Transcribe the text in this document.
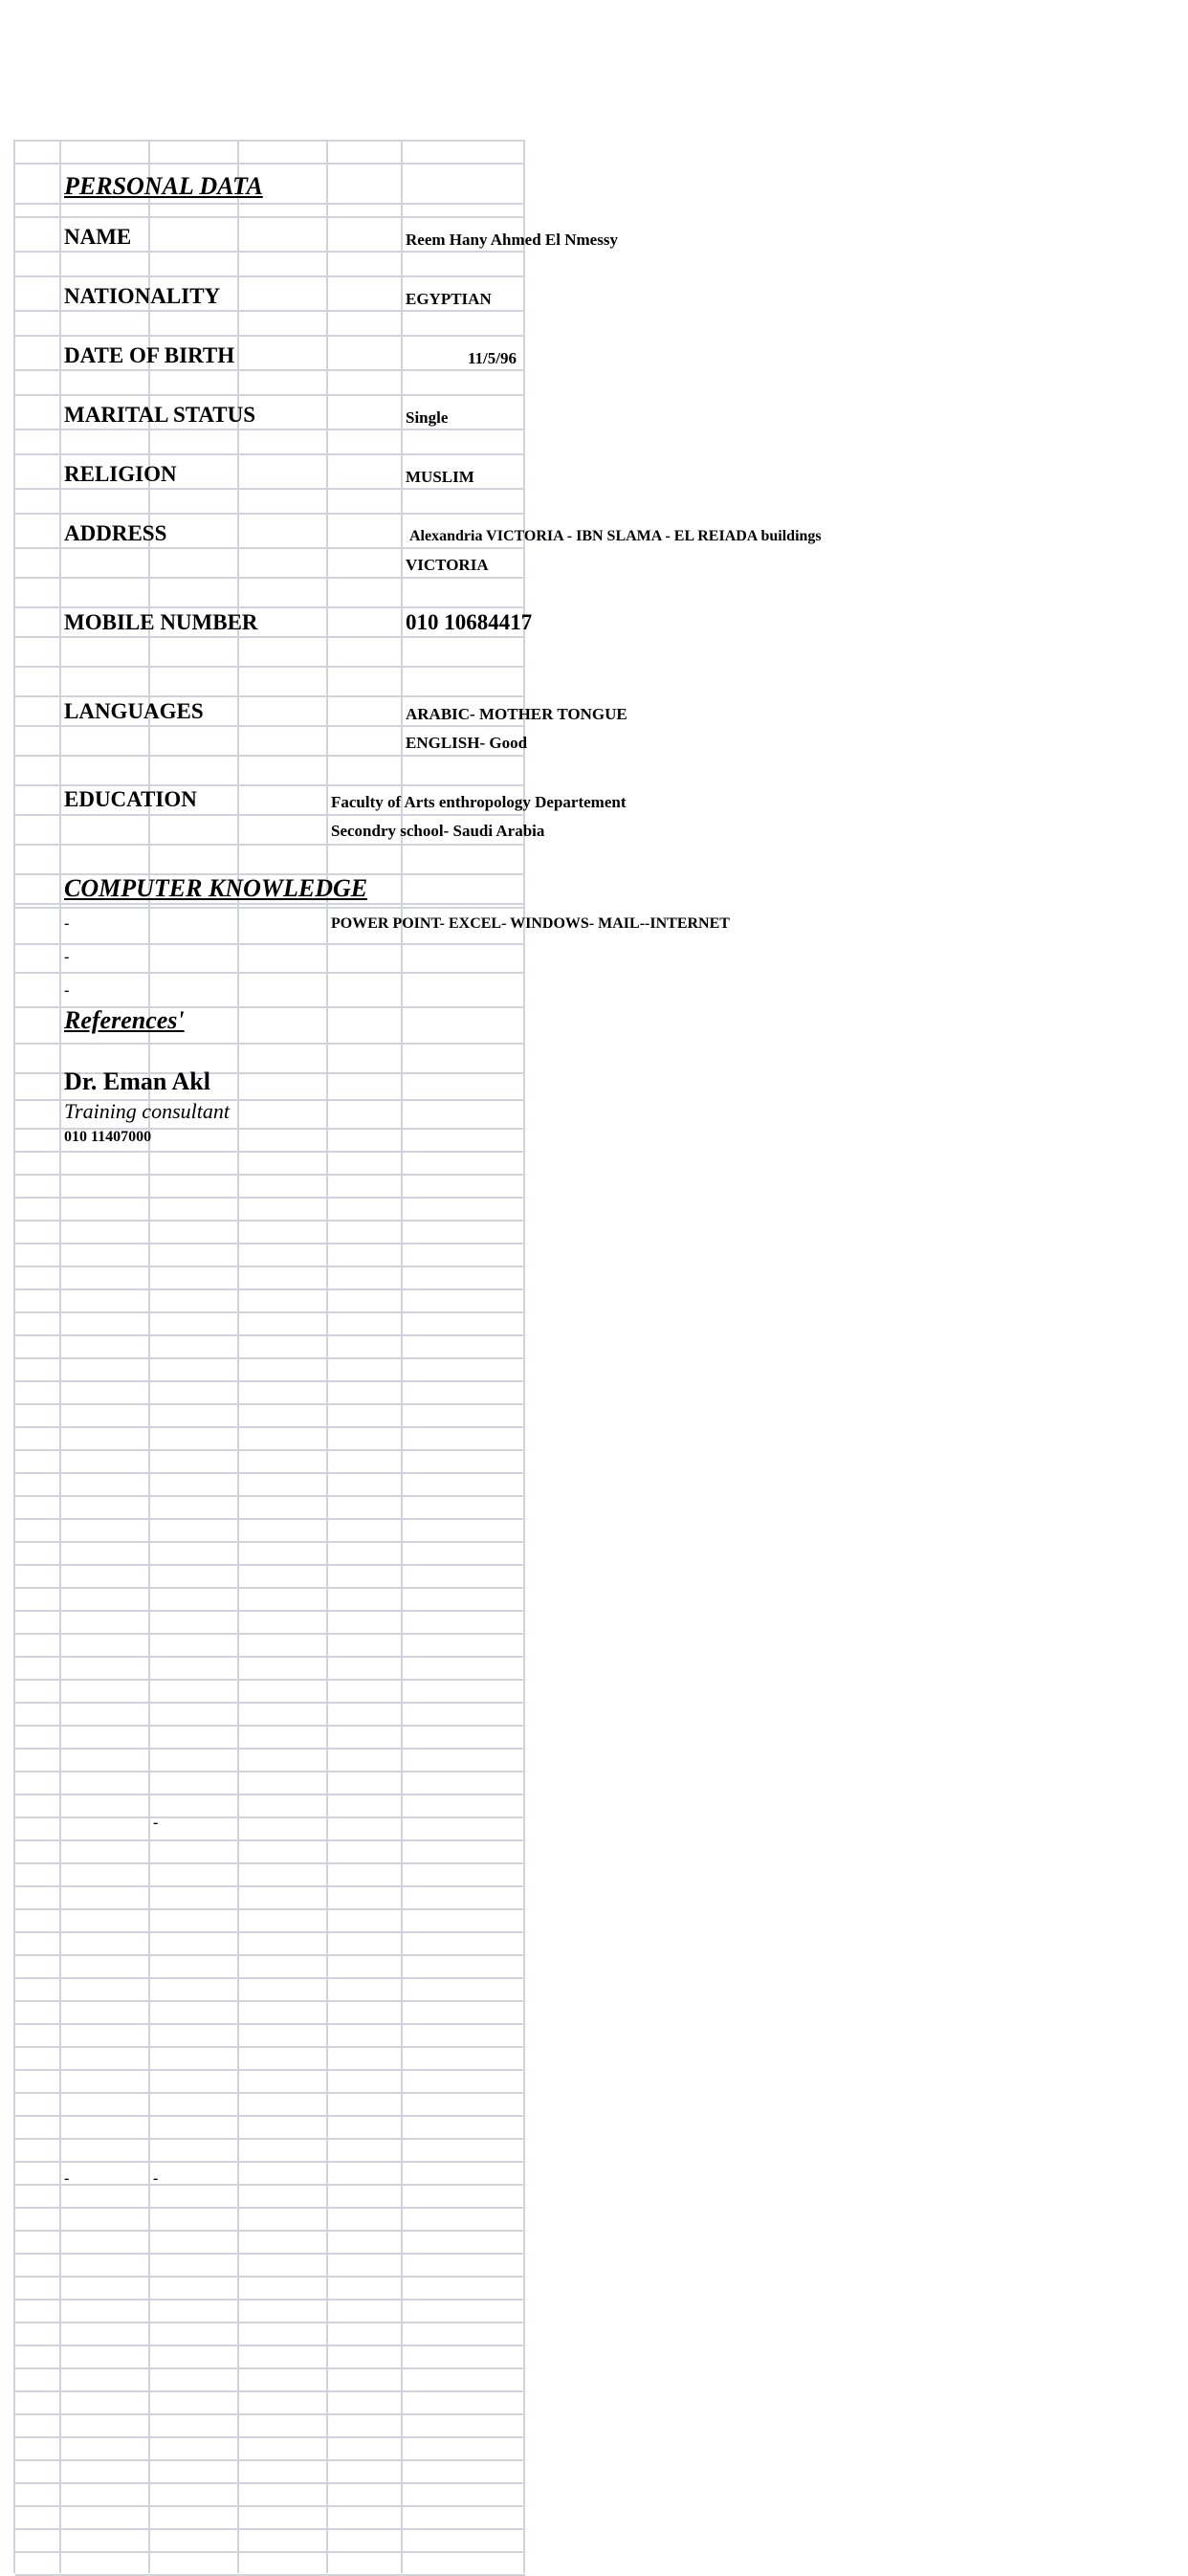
PERSONAL DATA
NAME	Reem Hany Ahmed El Nmessy
NATIONALITY	EGYPTIAN
DATE OF BIRTH	11/5/96
MARITAL STATUS	Single
RELIGION	MUSLIM
ADDRESS	Alexandria VICTORIA - IBN SLAMA - EL REIADA buildings
VICTORIA
MOBILE NUMBER	010 10684417
LANGUAGES	ARABIC- MOTHER TONGUE
ENGLISH- Good
EDUCATION	Faculty of Arts enthropology Departement
Secondry school- Saudi Arabia
COMPUTER KNOWLEDGE
-	POWER POINT- EXCEL- WINDOWS- MAIL--INTERNET
-
-
References'
Dr. Eman Akl
Training consultant
010 11407000
-
-	-
